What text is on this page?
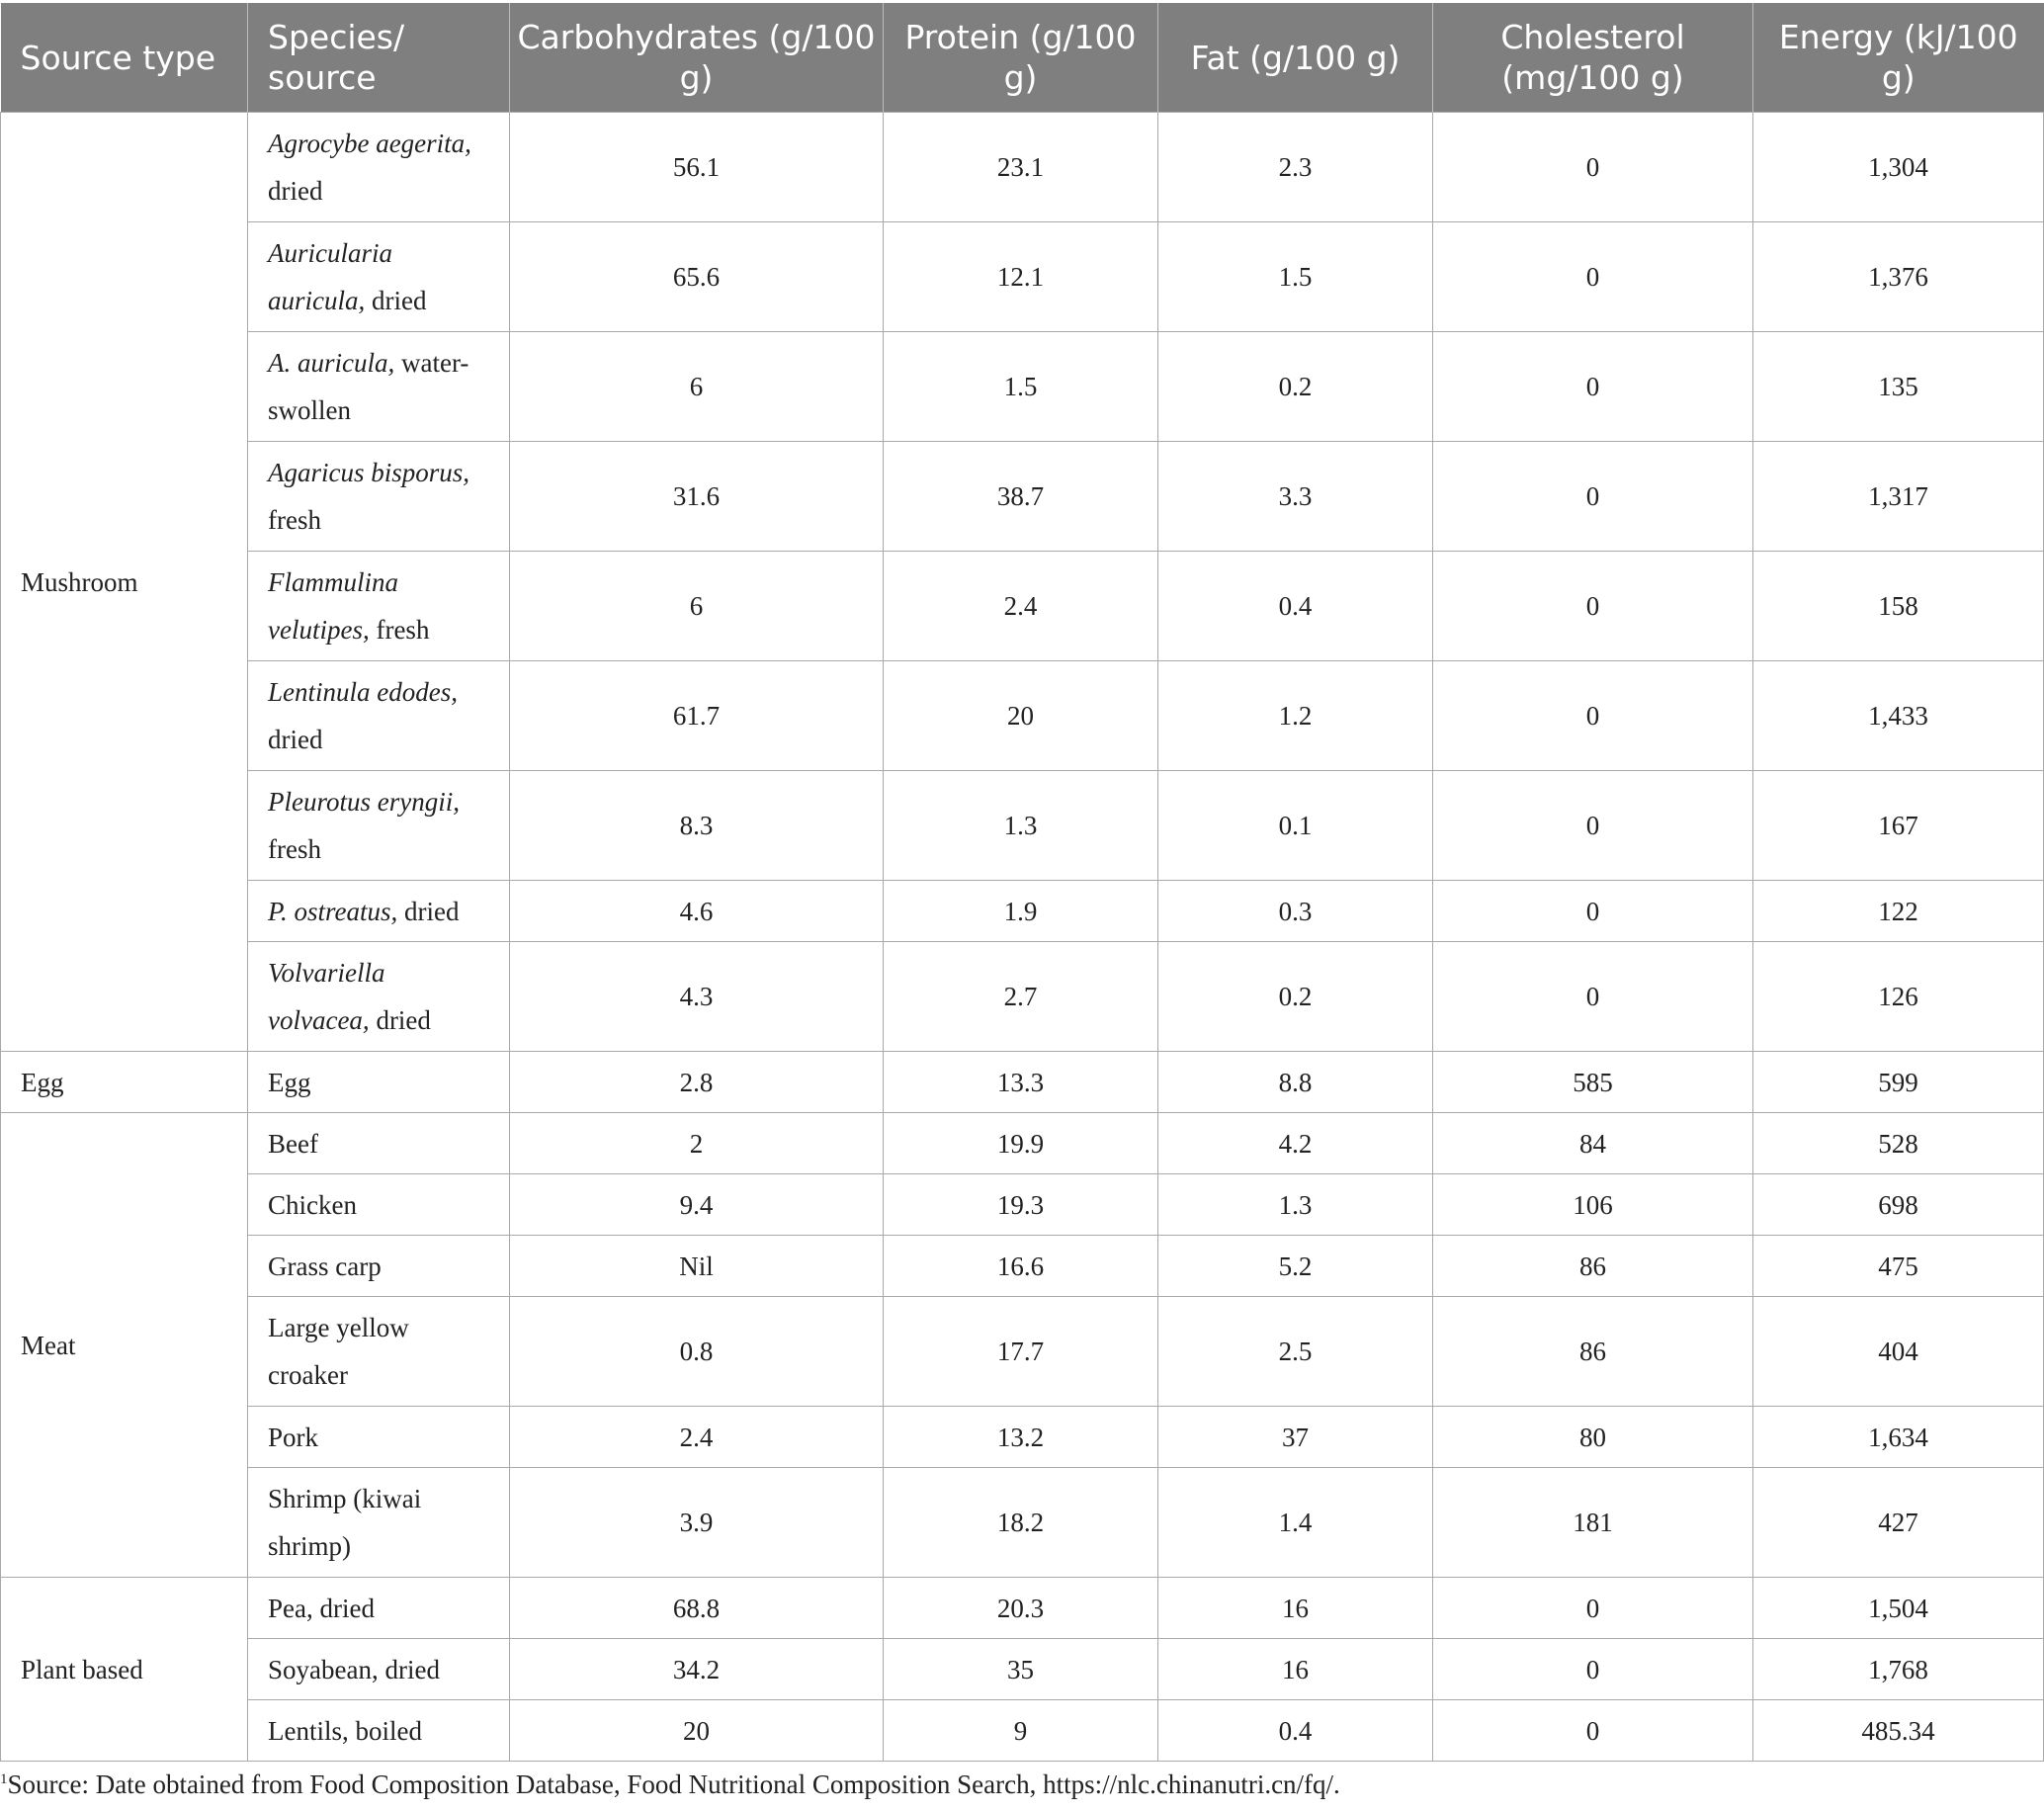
Source type	Species/ source	Carbohydrates (g/100 g)	Protein (g/100 g)	Fat (g/100 g)	Cholesterol (mg/100 g)	Energy (kJ/100 g)
Mushroom	Agrocybe aegerita, dried	56.1	23.1	2.3	0	1,304
	Auricularia auricula, dried	65.6	12.1	1.5	0	1,376
	A. auricula, water-swollen	6	1.5	0.2	0	135
	Agaricus bisporus, fresh	31.6	38.7	3.3	0	1,317
	Flammulina velutipes, fresh	6	2.4	0.4	0	158
	Lentinula edodes, dried	61.7	20	1.2	0	1,433
	Pleurotus eryngii, fresh	8.3	1.3	0.1	0	167
	P. ostreatus, dried	4.6	1.9	0.3	0	122
	Volvariella volvacea, dried	4.3	2.7	0.2	0	126
Egg	Egg	2.8	13.3	8.8	585	599
Meat	Beef	2	19.9	4.2	84	528
	Chicken	9.4	19.3	1.3	106	698
	Grass carp	Nil	16.6	5.2	86	475
	Large yellow croaker	0.8	17.7	2.5	86	404
	Pork	2.4	13.2	37	80	1,634
	Shrimp (kiwai shrimp)	3.9	18.2	1.4	181	427
Plant based	Pea, dried	68.8	20.3	16	0	1,504
	Soyabean, dried	34.2	35	16	0	1,768
	Lentils, boiled	20	9	0.4	0	485.34
$^1$Source: Date obtained from Food Composition Database, Food Nutritional Composition Search, https://nlc.chinanutri.cn/fq/.
